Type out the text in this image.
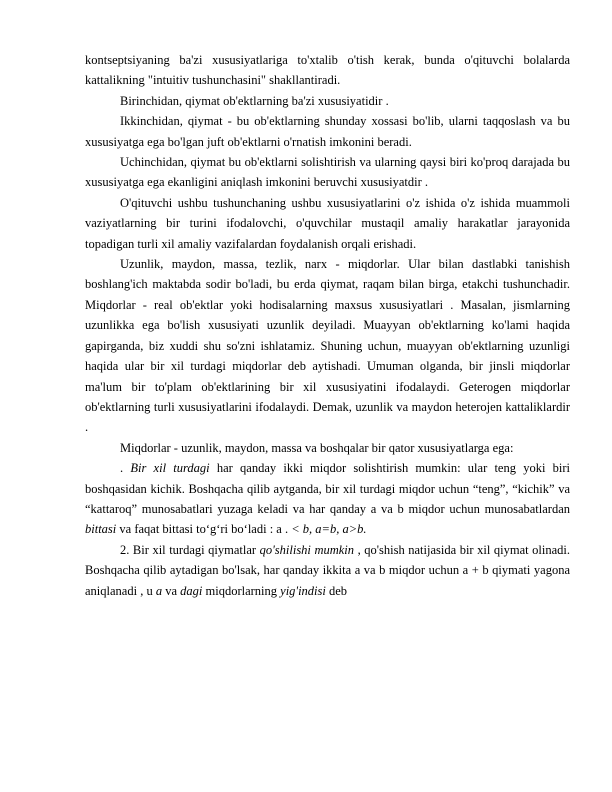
kontseptsiyaning ba'zi xususiyatlariga to'xtalib o'tish kerak, bunda o'qituvchi bolalarda kattalikning "intuitiv tushunchasini" shakllantiradi.

Birinchidan, qiymat ob'ektlarning ba'zi xususiyatidir .

Ikkinchidan, qiymat - bu ob'ektlarning shunday xossasi bo'lib, ularni taqqoslash va bu xususiyatga ega bo'lgan juft ob'ektlarni o'rnatish imkonini beradi.

Uchinchidan, qiymat bu ob'ektlarni solishtirish va ularning qaysi biri ko'proq darajada bu xususiyatga ega ekanligini aniqlash imkonini beruvchi xususiyatdir .

O'qituvchi ushbu tushunchaning ushbu xususiyatlarini o'z ishida o'z ishida muammoli vaziyatlarning bir turini ifodalovchi, o'quvchilar mustaqil amaliy harakatlar jarayonida topadigan turli xil amaliy vazifalardan foydalanish orqali erishadi.

Uzunlik, maydon, massa, tezlik, narx - miqdorlar. Ular bilan dastlabki tanishish boshlang'ich maktabda sodir bo'ladi, bu erda qiymat, raqam bilan birga, etakchi tushunchadir. Miqdorlar - real ob'ektlar yoki hodisalarning maxsus xususiyatlari . Masalan, jismlarning uzunlikka ega bo'lish xususiyati uzunlik deyiladi. Muayyan ob'ektlarning ko'lami haqida gapirganda, biz xuddi shu so'zni ishlatamiz. Shuning uchun, muayyan ob'ektlarning uzunligi haqida ular bir xil turdagi miqdorlar deb aytishadi. Umuman olganda, bir jinsli miqdorlar ma'lum bir to'plam ob'ektlarining bir xil xususiyatini ifodalaydi. Geterogen miqdorlar ob'ektlarning turli xususiyatlarini ifodalaydi. Demak, uzunlik va maydon heterojen kattaliklardir .

Miqdorlar - uzunlik, maydon, massa va boshqalar bir qator xususiyatlarga ega:

. Bir xil turdagi har qanday ikki miqdor solishtirish mumkin: ular teng yoki biri boshqasidan kichik. Boshqacha qilib aytganda, bir xil turdagi miqdor uchun “teng”, “kichik” va “kattaroq” munosabatlari yuzaga keladi va har qanday a va b miqdor uchun munosabatlardan bittasi va faqat bittasi to‘g‘ri bo‘ladi : a . < b, a=b, a>b.

2. Bir xil turdagi qiymatlar qo'shilishi mumkin , qo'shish natijasida bir xil qiymat olinadi. Boshqacha qilib aytadigan bo'lsak, har qanday ikkita a va b miqdor uchun a + b qiymati yagona aniqlanadi , u a va dagi miqdorlarning yig'indisi deb
